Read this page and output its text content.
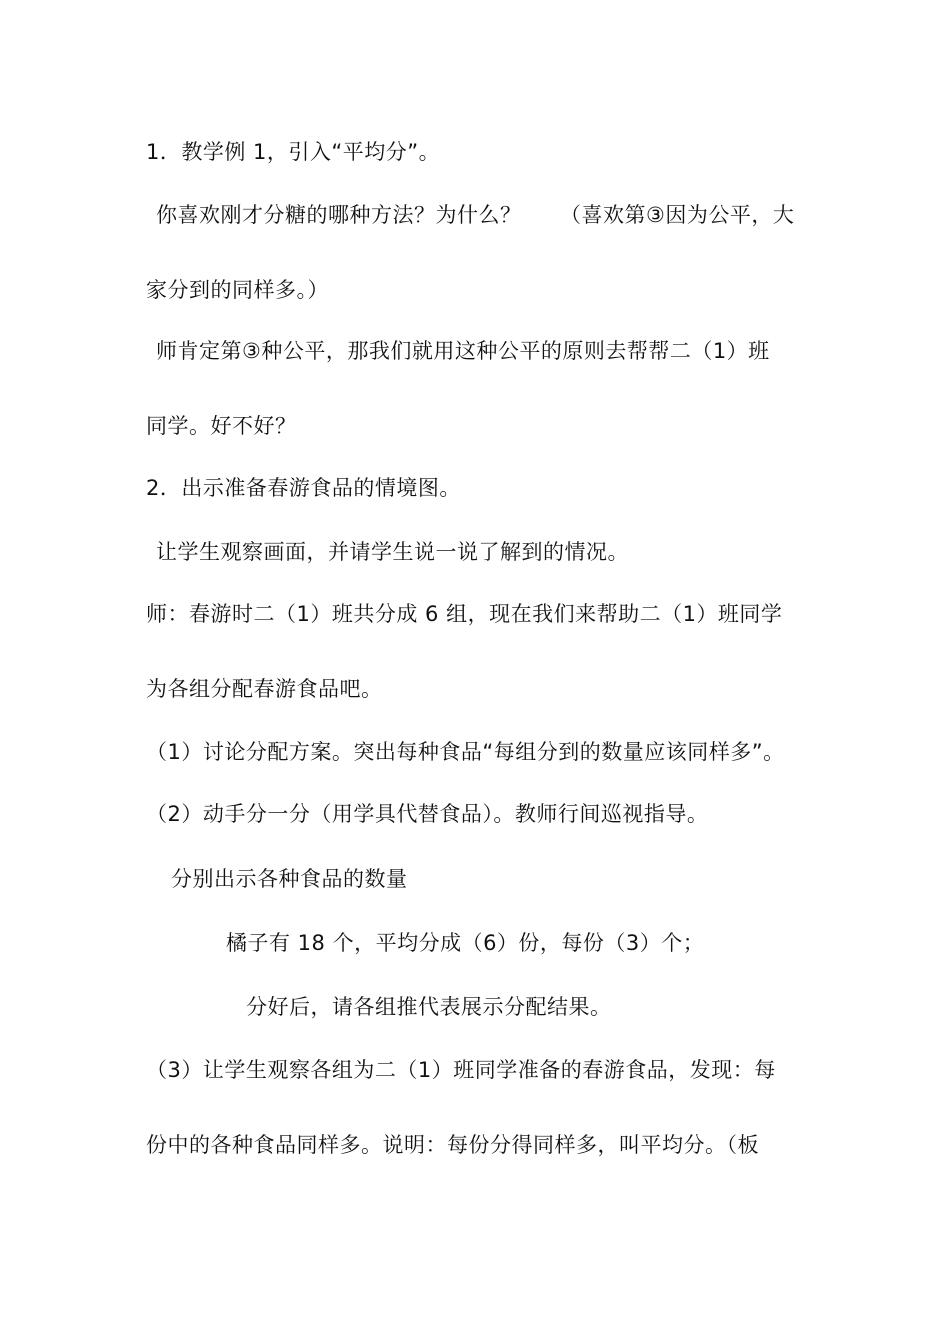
1．教学例 1，引入“平均分”。
你喜欢刚才分糖的哪种方法？为什么？ （喜欢第③因为公平，大
家分到的同样多。）
师肯定第③种公平，那我们就用这种公平的原则去帮帮二（1）班
同学。好不好？
2．出示准备春游食品的情境图。
让学生观察画面，并请学生说一说了解到的情况。
师：春游时二（1）班共分成 6 组，现在我们来帮助二（1）班同学
为各组分配春游食品吧。
（1）讨论分配方案。突出每种食品“每组分到的数量应该同样多”。
（2）动手分一分（用学具代替食品）。教师行间巡视指导。
分别出示各种食品的数量
橘子有 18 个，平均分成（6）份，每份（3）个；
分好后，请各组推代表展示分配结果。
（3）让学生观察各组为二（1）班同学准备的春游食品，发现：每
份中的各种食品同样多。说明：每份分得同样多，叫平均分。（板
